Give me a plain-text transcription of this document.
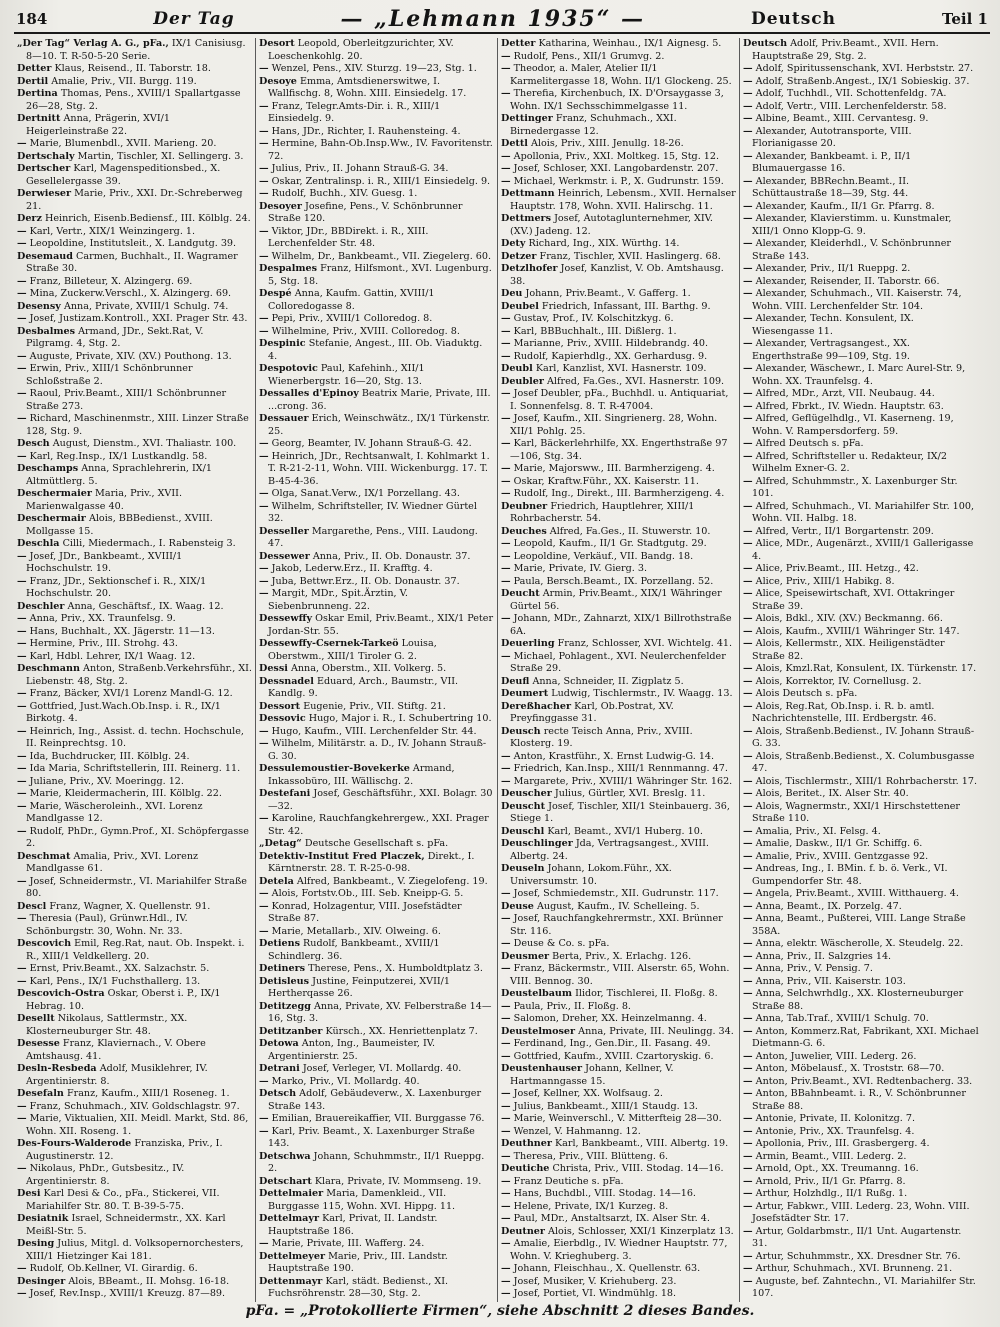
184	Der Tag	— „Lehmann 1935“ —	Deutsch	Teil 1
„Der Tag“ Verlag A. G., pFa., IX/1 Canisiusg. 8—10. T. R-50-5-20 Serie.
Detter Klaus, Reisend., II. Taborstr. 18.
Dertil Amalie, Priv., VII. Burgg. 119.
Dertina Thomas, Pens., XVIII/1 Spallartgasse 26—28, Stg. 2.
Dertnitt Anna, Prägerin, XVI/1 Heigerleinstraße 22.
— Marie, Blumenbdl., XVII. Marieng. 20.
Dertschaly Martin, Tischler, XI. Sellingerg. 3.
Dertscher Karl, Magenspeditionsbed., X. Gesellelergasse 39.
Derwieser Marie, Priv., XXI. Dr.-Schreberweg 21.
Derz Heinrich, Eisenb.Bediensf., III. Kölblg. 24.
— Karl, Vertr., XIX/1 Weinzingerg. 1.
— Leopoldine, Institutsleit., X. Landgutg. 39.
Desemaud Carmen, Buchhalt., II. Wagramer Straße 30.
— Franz, Billeteur, X. Alzingerg. 69.
— Mina, Zuckerw.Verschl., X. Alzingerg. 69.
Desensy Anna, Private, XVIII/1 Schulg. 74.
— Josef, Justizam.Kontroll., XXI. Prager Str. 43.
Desbalmes Armand, JDr., Sekt.Rat, V. Pilgramg. 4, Stg. 2.
— Auguste, Private, XIV. (XV.) Pouthong. 13.
— Erwin, Priv., XIII/1 Schönbrunner Schloßstraße 2.
— Raoul, Priv.Beamt., XIII/1 Schönbrunner Straße 273.
— Richard, Maschinenmstr., XIII. Linzer Straße 128, Stg. 9.
Desch August, Dienstm., XVI. Thaliastr. 100.
— Karl, Reg.Insp., IX/1 Lustkandlg. 58.
Deschamps Anna, Sprachlehrerin, IX/1 Altmüttlerg. 5.
Deschermaier Maria, Priv., XVII. Marienwalgasse 40.
Deschermair Alois, BBBedienst., XVIII. Mollgasse 15.
Deschla Cilli, Miedermach., I. Rabensteig 3.
— Josef, JDr., Bankbeamt., XVIII/1 Hochschulstr. 19.
— Franz, JDr., Sektionschef i. R., XIX/1 Hochschulstr. 20.
Deschler Anna, Geschäftsf., IX. Waag. 12.
— Anna, Priv., XX. Traunfelsg. 9.
— Hans, Buchhalt., XX. Jägerstr. 11—13.
— Hermine, Priv., III. Strohg. 43.
— Karl, Hdbl. Lehrer, IX/1 Waag. 12.
Deschmann Anton, Straßenb.Verkehrsführ., XI. Liebenstr. 48, Stg. 2.
— Franz, Bäcker, XVI/1 Lorenz Mandl-G. 12.
— Gottfried, Just.Wach.Ob.Insp. i. R., IX/1 Birkotg. 4.
— Heinrich, Ing., Assist. d. techn. Hochschule, II. Reinprechtsg. 10.
— Ida, Buchdrucker, III. Kölblg. 24.
— Ida Maria, Schriftstellerin, III. Reinerg. 11.
— Juliane, Priv., XV. Moeringg. 12.
— Marie, Kleidermacherin, III. Kölblg. 22.
— Marie, Wäscheroleinh., XVI. Lorenz Mandlgasse 12.
— Rudolf, PhDr., Gymn.Prof., XI. Schöpfergasse 2.
Deschmat Amalia, Priv., XVI. Lorenz Mandlgasse 61.
— Josef, Schneidermstr., VI. Mariahilfer Straße 80.
Descl Franz, Wagner, X. Quellenstr. 91.
— Theresia (Paul), Grünwr.Hdl., IV. Schönburgstr. 30, Wohn. Nr. 33.
Descovich Emil, Reg.Rat, naut. Ob. Inspekt. i. R., XIII/1 Veldkellerg. 20.
— Ernst, Priv.Beamt., XX. Salzachstr. 5.
— Karl, Pens., IX/1 Fuchsthallerg. 13.
Descovich-Ostra Oskar, Oberst i. P., IX/1 Hebrag. 10.
Desellt Nikolaus, Sattlermstr., XX. Klosterneuburger Str. 48.
Desesse Franz, Klaviernach., V. Obere Amtshausg. 41.
Desln-Resbeda Adolf, Musiklehrer, IV. Argentinierstr. 8.
Desefaln Franz, Kaufm., XIII/1 Roseneg. 1.
— Franz, Schuhmach., XIV. Goldschlagstr. 97.
— Marie, Viktualien, XII. Meidl. Markt, Std. 86, Wohn. XII. Roseng. 1.
Des-Fours-Walderode Franziska, Priv., I. Augustinerstr. 12.
— Nikolaus, PhDr., Gutsbesitz., IV. Argentinierstr. 8.
Desi Karl Desi & Co., pFa., Stickerei, VII. Mariahilfer Str. 80. T. B-39-5-75.
Desiatnik Israel, Schneidermstr., XX. Karl Meißl-Str. 5.
Desing Julius, Mitgl. d. Volksopernorchesters, XIII/1 Hietzinger Kai 181.
— Rudolf, Ob.Kellner, VI. Girardig. 6.
Desinger Alois, BBeamt., II. Mohsg. 16-18.
— Josef, Rev.Insp., XVIII/1 Kreuzg. 87—89.
Desort Leopold, Oberleitgzurichter, XV. Loeschenkohlg. 20.
— Wenzel, Pens., XIV. Sturzg. 19—23, Stg. 1.
Desoye Emma, Amtsdienerswitwe, I. Wallfischg. 8, Wohn. XIII. Einsiedelg. 17.
— Franz, Telegr.Amts-Dir. i. R., XIII/1 Einsiedelg. 9.
— Hans, JDr., Richter, I. Rauhensteing. 4.
— Hermine, Bahn-Ob.Insp.Ww., IV. Favoritenstr. 72.
— Julius, Priv., II. Johann Strauß-G. 34.
— Oskar, Zentralinsp. i. R., XIII/1 Einsiedelg. 9.
— Rudolf, Buchh., XIV. Guesg. 1.
Desoyer Josefine, Pens., V. Schönbrunner Straße 120.
— Viktor, JDr., BBDirekt. i. R., XIII. Lerchenfelder Str. 48.
— Wilhelm, Dr., Bankbeamt., VII. Ziegelerg. 60.
Despalmes Franz, Hilfsmont., XVI. Lugenburg. 5, Stg. 18.
Despé Anna, Kaufm. Gattin, XVIII/1 Colloredogasse 8.
— Pepi, Priv., XVIII/1 Colloredog. 8.
— Wilhelmine, Priv., XVIII. Colloredog. 8.
Despinic Stefanie, Angest., III. Ob. Viaduktg. 4.
Despotovic Paul, Kafehinh., XII/1 Wienerbergstr. 16—20, Stg. 13.
Dessalles d'Epinoy Beatrix Marie, Private, III. ...crong. 36.
Dessauer Erich, Weinschwätz., IX/1 Türkenstr. 25.
— Georg, Beamter, IV. Johann Strauß-G. 42.
— Heinrich, JDr., Rechtsanwalt, I. Kohlmarkt 1. T. R-21-2-11, Wohn. VIII. Wickenburgg. 17. T. B-45-4-36.
— Olga, Sanat.Verw., IX/1 Porzellang. 43.
— Wilhelm, Schriftsteller, IV. Wiedner Gürtel 32.
Desseller Margarethe, Pens., VIII. Laudong. 47.
Dessewer Anna, Priv., II. Ob. Donaustr. 37.
— Jakob, Lederw.Erz., II. Krafftg. 4.
— Juba, Bettwr.Erz., II. Ob. Donaustr. 37.
— Margit, MDr., Spit.Ärztin, V. Siebenbrunneng. 22.
Dessewffy Oskar Emil, Priv.Beamt., XIX/1 Peter Jordan-Str. 55.
Dessewffy-Csernek-Tarkeö Louisa, Oberstwm., XIII/1 Tiroler G. 2.
Dessi Anna, Oberstm., XII. Volkerg. 5.
Dessnadel Eduard, Arch., Baumstr., VII. Kandlg. 9.
Dessort Eugenie, Priv., VII. Stiftg. 21.
Dessovic Hugo, Major i. R., I. Schubertring 10.
— Hugo, Kaufm., VIII. Lerchenfelder Str. 44.
— Wilhelm, Militärstr. a. D., IV. Johann Strauß-G. 30.
Dessulemoustier-Bovekerke Armand, Inkassobüro, III. Wällischg. 2.
Destefani Josef, Geschäftsführ., XXI. Bolagr. 30—32.
— Karoline, Rauchfangkehrergew., XXI. Prager Str. 42.
„Detag“ Deutsche Gesellschaft s. pFa.
Detektiv-Institut Fred Placzek, Direkt., I. Kärntnerstr. 28. T. R-25-0-98.
Detela Alfred, Bankbeamt., V. Ziegelofeng. 19.
— Alois, Fortstv.Ob., III. Seb. Kneipp-G. 5.
— Konrad, Holzagentur, VIII. Josefstädter Straße 87.
— Marie, Metallarb., XIV. Olweing. 6.
Detiens Rudolf, Bankbeamt., XVIII/1 Schindlerg. 36.
Detiners Therese, Pens., X. Humboldtplatz 3.
Detisleus Justine, Feinputzerei, XVII/1 Hertherqasse 26.
Detitzegg Anna, Private, XV. Felberstraße 14—16, Stg. 3.
Detitzanber Kürsch., XX. Henriettenplatz 7.
Detowa Anton, Ing., Baumeister, IV. Argentinierstr. 25.
Detrani Josef, Verleger, VI. Mollardg. 40.
— Marko, Priv., VI. Mollardg. 40.
Detsch Adolf, Gebäudeverw., X. Laxenburger Straße 143.
— Emilian, Brauereikaffier, VII. Burggasse 76.
— Karl, Priv. Beamt., X. Laxenburger Straße 143.
Detschwa Johann, Schuhmmstr., II/1 Rueppg. 2.
Detschart Klara, Private, IV. Mommseng. 19.
Dettelmaier Maria, Damenkleid., VII. Burggasse 115, Wohn. XVI. Hippg. 11.
Dettelmayr Karl, Privat, II. Landstr. Hauptstraße 186.
— Marie, Private, III. Wafferg. 24.
Dettelmeyer Marie, Priv., III. Landstr. Hauptstraße 190.
Dettenmayr Karl, städt. Bedienst., XI. Fuchsröhrenstr. 28—30, Stg. 2.
Detter Katharina, Weinhau., IX/1 Aignesg. 5.
— Rudolf, Pens., XII/1 Grumvg. 2.
— Theodor, a. Maler, Atelier II/1 Karmelitergasse 18, Wohn. II/1 Glockeng. 25.
— Therefia, Kirchenbuch, IX. D'Orsaygasse 3, Wohn. IX/1 Sechsschimmelgasse 11.
Dettinger Franz, Schuhmach., XXI. Birnedergasse 12.
Dettl Alois, Priv., XIII. Jenullg. 18-26.
— Apollonia, Priv., XXI. Moltkeg. 15, Stg. 12.
— Josef, Schloser, XXI. Langobardenstr. 207.
— Michael, Werkmstr. i. P., X. Gudrunstr. 159.
Dettmann Heinrich, Lebensm., XVII. Hernalser Hauptstr. 178, Wohn. XVII. Halirschg. 11.
Dettmers Josef, Autotaglunternehmer, XIV. (XV.) Jadeng. 12.
Dety Richard, Ing., XIX. Würthg. 14.
Detzer Franz, Tischler, XVII. Haslingerg. 68.
Detzlhofer Josef, Kanzlist, V. Ob. Amtshausg. 38.
Deu Johann, Priv.Beamt., V. Gafferg. 1.
Deubel Friedrich, Infassant, III. Barthg. 9.
— Gustav, Prof., IV. Kolschitzkyg. 6.
— Karl, BBBuchhalt., III. Dißlerg. 1.
— Marianne, Priv., XVIII. Hildebrandg. 40.
— Rudolf, Kapierhdlg., XX. Gerhardusg. 9.
Deubl Karl, Kanzlist, XVI. Hasnerstr. 109.
Deubler Alfred, Fa.Ges., XVI. Hasnerstr. 109.
— Josef Deubler, pFa., Buchhdl. u. Antiquariat, I. Sonnenfelsg. 8. T. R-47004.
— Josef, Kaufm., XII. Singrienerg. 28, Wohn. XII/1 Pohlg. 25.
— Karl, Bäckerlehrhilfe, XX. Engerthstraße 97—106, Stg. 34.
— Marie, Majorsww., III. Barmherzigeng. 4.
— Oskar, Kraftw.Führ., XX. Kaiserstr. 11.
— Rudolf, Ing., Direkt., III. Barmherzigeng. 4.
Deubner Friedrich, Hauptlehrer, XIII/1 Rohrbacherstr. 54.
Deuches Alfred, Fa.Ges., II. Stuwerstr. 10.
— Leopold, Kaufm., II/1 Gr. Stadtgutg. 29.
— Leopoldine, Verkäuf., VII. Bandg. 18.
— Marie, Private, IV. Gierg. 3.
— Paula, Bersch.Beamt., IX. Porzellang. 52.
Deucht Armin, Priv.Beamt., XIX/1 Währinger Gürtel 56.
— Johann, MDr., Zahnarzt, XIX/1 Billrothstraße 6A.
Deuerling Franz, Schlosser, XVI. Wichtelg. 41.
— Michael, Pohlagent., XVI. Neulerchenfelder Straße 29.
Deufl Anna, Schneider, II. Zigplatz 5.
Deumert Ludwig, Tischlermstr., IV. Waagg. 13.
Dereßhacher Karl, Ob.Postrat, XV. Preyfinggasse 31.
Deusch recte Teisch Anna, Priv., XVIII. Klosterg. 19.
— Anton, Krastführ., X. Ernst Ludwig-G. 14.
— Friedrich, Kan.Insp., XIII/1 Rennmanng. 47.
— Margarete, Priv., XVIII/1 Währinger Str. 162.
Deuscher Julius, Gürtler, XVI. Breslg. 11.
Deuscht Josef, Tischler, XII/1 Steinbauerg. 36, Stiege 1.
Deuschl Karl, Beamt., XVI/1 Huberg. 10.
Deuschlinger Jda, Vertragsangest., XVIII. Albertg. 24.
Deuseln Johann, Lokom.Führ., XX. Universumstr. 10.
— Josef, Schmiedemstr., XII. Gudrunstr. 117.
Deuse August, Kaufm., IV. Schelleing. 5.
— Josef, Rauchfangkehrermstr., XXI. Brünner Str. 116.
— Deuse & Co. s. pFa.
Deusmer Berta, Priv., X. Erlachg. 126.
— Franz, Bäckermstr., VIII. Alserstr. 65, Wohn. VIII. Bennog. 30.
Deustelbaum Ilidor, Tischlerei, II. Floßg. 8.
— Paula, Priv., II. Floßg. 8.
— Salomon, Dreher, XX. Heinzelmanng. 4.
Deustelmoser Anna, Private, III. Neulingg. 34.
— Ferdinand, Ing., Gen.Dir., II. Fasang. 49.
— Gottfried, Kaufm., XVIII. Czartoryskig. 6.
Deustenhauser Johann, Kellner, V. Hartmanngasse 15.
— Josef, Kellner, XX. Wolfsaug. 2.
— Julius, Bankbeamt., XIII/1 Staudg. 13.
— Marie, Weinverschl., V. Mitterfteig 28—30.
— Wenzel, V. Hahmanng. 12.
Deuthner Karl, Bankbeamt., VIII. Albertg. 19.
— Theresa, Priv., VIII. Blütteng. 6.
Deutiche Christa, Priv., VIII. Stodag. 14—16.
— Franz Deutiche s. pFa.
— Hans, Buchdbl., VIII. Stodag. 14—16.
— Helene, Private, IX/1 Kurzeg. 8.
— Paul, MDr., Anstaltsarzt, IX. Alser Str. 4.
Deutner Alois, Schlosser, XXI/1 Kinzerplatz 13.
— Amalie, Eierbdlg., IV. Wiedner Hauptstr. 77, Wohn. V. Krieghuberg. 3.
— Johann, Fleischhau., X. Quellenstr. 63.
— Josef, Musiker, V. Kriehuberg. 23.
— Josef, Portiet, VI. Windmühlg. 18.
Deutsch Adolf, Priv.Beamt., XVII. Hern. Hauptstraße 29, Stg. 2.
— Adolf, Spiritussenschank, XVI. Herbststr. 27.
— Adolf, Straßenb.Angest., IX/1 Sobieskig. 37.
— Adolf, Tuchhdl., VII. Schottenfeldg. 7A.
— Adolf, Vertr., VIII. Lerchenfelderstr. 58.
— Albine, Beamt., XIII. Cervantesg. 9.
— Alexander, Autotransporte, VIII. Florianigasse 20.
— Alexander, Bankbeamt. i. P., II/1 Blumauergasse 16.
— Alexander, BBRechn.Beamt., II. Schüttaustraße 18—39, Stg. 44.
— Alexander, Kaufm., II/1 Gr. Pfarrg. 8.
— Alexander, Klavierstimm. u. Kunstmaler, XIII/1 Onno Klopp-G. 9.
— Alexander, Kleiderhdl., V. Schönbrunner Straße 143.
— Alexander, Priv., II/1 Rueppg. 2.
— Alexander, Reisender, II. Taborstr. 66.
— Alexander, Schuhmach., VII. Kaiserstr. 74, Wohn. VIII. Lerchenfelder Str. 104.
— Alexander, Techn. Konsulent, IX. Wiesengasse 11.
— Alexander, Vertragsangest., XX. Engerthstraße 99—109, Stg. 19.
— Alexander, Wäschewr., I. Marc Aurel-Str. 9, Wohn. XX. Traunfelsg. 4.
— Alfred, MDr., Arzt, VII. Neubaug. 44.
— Alfred, Fbrkt., IV. Wiedn. Hauptstr. 63.
— Alfred, Geflügelhdlg., VI. Kaserneng. 19, Wohn. V. Rampersdorferg. 59.
— Alfred Deutsch s. pFa.
— Alfred, Schriftsteller u. Redakteur, IX/2 Wilhelm Exner-G. 2.
— Alfred, Schuhmmstr., X. Laxenburger Str. 101.
— Alfred, Schuhmach., VI. Mariahilfer Str. 100, Wohn. VII. Halbg. 18.
— Alfred, Vertr., II/1 Borgartenstr. 209.
— Alice, MDr., Augenärzt., XVIII/1 Gallerigasse 4.
— Alice, Priv.Beamt., III. Hetzg., 42.
— Alice, Priv., XIII/1 Habikg. 8.
— Alice, Speisewirtschaft, XVI. Ottakringer Straße 39.
— Alois, Bdkl., XIV. (XV.) Beckmanng. 66.
— Alois, Kaufm., XVIII/1 Währinger Str. 147.
— Alois, Kellermstr., XIX. Heiligenstädter Straße 82.
— Alois, Kmzl.Rat, Konsulent, IX. Türkenstr. 17.
— Alois, Korrektor, IV. Cornellusg. 2.
— Alois Deutsch s. pFa.
— Alois, Reg.Rat, Ob.Insp. i. R. b. amtl. Nachrichtenstelle, III. Erdbergstr. 46.
— Alois, Straßenb.Bedienst., IV. Johann Strauß-G. 33.
— Alois, Straßenb.Bedienst., X. Columbusgasse 47.
— Alois, Tischlermstr., XIII/1 Rohrbacherstr. 17.
— Alois, Beritet., IX. Alser Str. 40.
— Alois, Wagnermstr., XXI/1 Hirschstettener Straße 110.
— Amalia, Priv., XI. Felsg. 4.
— Amalie, Daskw., II/1 Gr. Schiffg. 6.
— Amalie, Priv., XVIII. Gentzgasse 92.
— Andreas, Ing., I. BMin. f. b. ö. Verk., VI. Gumpendorfer Str. 48.
— Angela, Priv.Beamt., XVIII. Witthauerg. 4.
— Anna, Beamt., IX. Porzelg. 47.
— Anna, Beamt., Pußterei, VIII. Lange Straße 358A.
— Anna, elektr. Wäscherolle, X. Steudelg. 22.
— Anna, Priv., II. Salzgries 14.
— Anna, Priv., V. Pensig. 7.
— Anna, Priv., VII. Kaiserstr. 103.
— Anna, Selchwrhdlg., XX. Klosterneuburger Straße 88.
— Anna, Tab.Traf., XVIII/1 Schulg. 70.
— Anton, Kommerz.Rat, Fabrikant, XXI. Michael Dietmann-G. 6.
— Anton, Juwelier, VIII. Lederg. 26.
— Anton, Möbelausf., X. Troststr. 68—70.
— Anton, Priv.Beamt., XVI. Redtenbacherg. 33.
— Anton, BBahnbeamt. i. R., V. Schönbrunner Straße 88.
— Antonie, Private, II. Kolonitzg. 7.
— Antonie, Priv., XX. Traunfelsg. 4.
— Apollonia, Priv., III. Grasbergerg. 4.
— Armin, Beamt., VIII. Lederg. 2.
— Arnold, Opt., XX. Treumanng. 16.
— Arnold, Priv., II/1 Gr. Pfarrg. 8.
— Arthur, Holzhdlg., II/1 Rußg. 1.
— Artur, Fabkwr., VIII. Lederg. 23, Wohn. VIII. Josefstädter Str. 17.
— Artur, Goldarbmstr., II/1 Unt. Augartenstr. 31.
— Artur, Schuhmmstr., XX. Dresdner Str. 76.
— Arthur, Schuhmach., XVI. Brunneng. 21.
— Auguste, bef. Zahntechn., VI. Mariahilfer Str. 107.
pFa. = „Protokollierte Firmen“, siehe Abschnitt 2 dieses Bandes.
